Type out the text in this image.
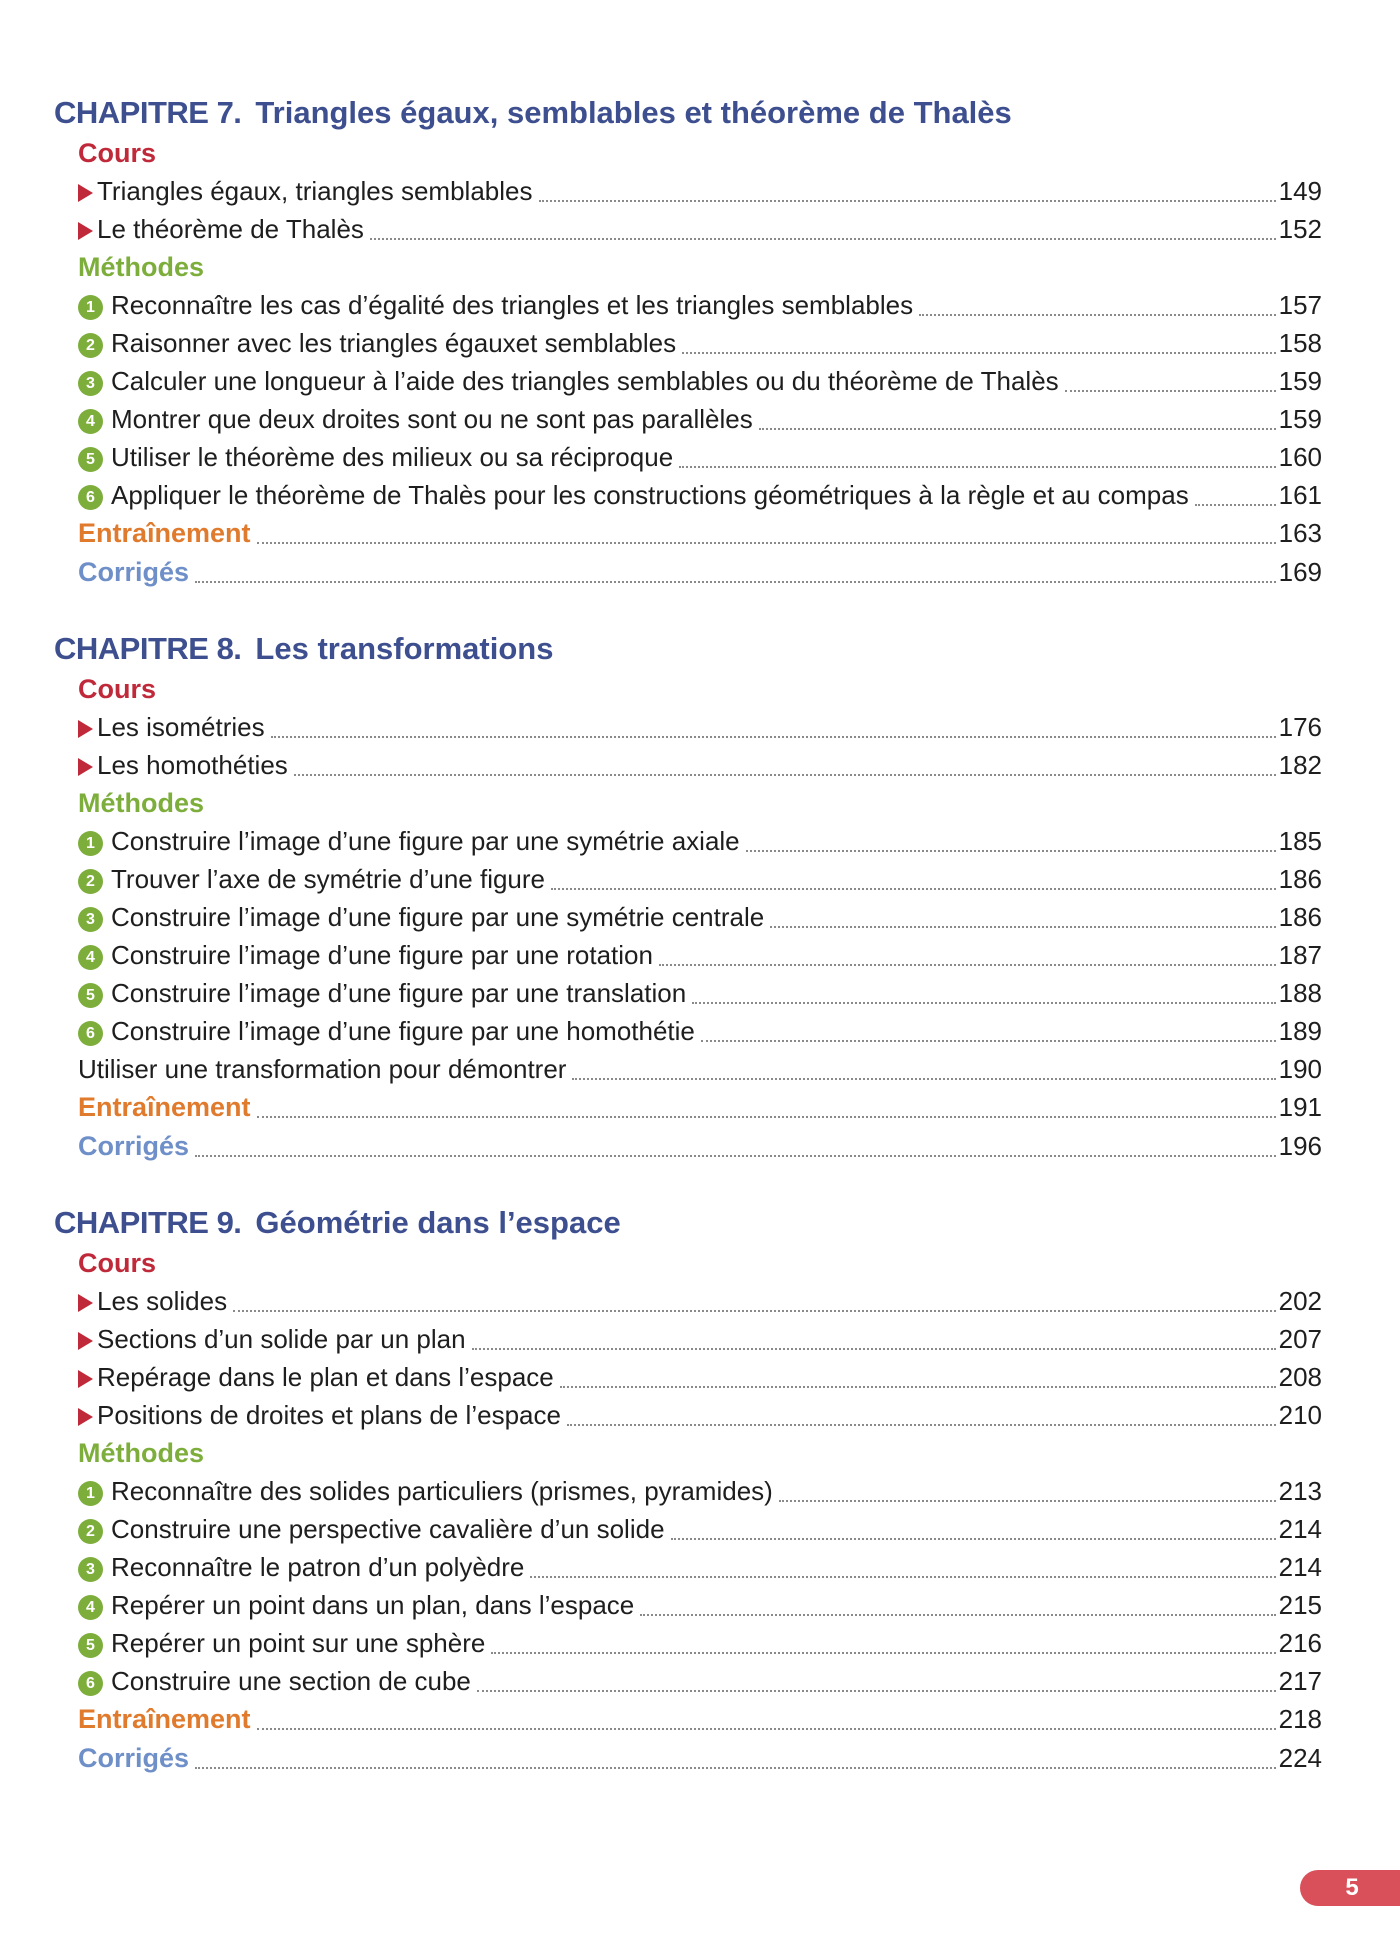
CHAPITRE 7. Triangles égaux, semblables et théorème de Thalès
Cours
Triangles égaux, triangles semblables	149
Le théorème de Thalès	152
Méthodes
1 Reconnaître les cas d’égalité des triangles et les triangles semblables	157
2 Raisonner avec les triangles égauxet semblables	158
3 Calculer une longueur à l’aide des triangles semblables ou du théorème de Thalès	159
4 Montrer que deux droites sont ou ne sont pas parallèles	159
5 Utiliser le théorème des milieux ou sa réciproque	160
6 Appliquer le théorème de Thalès pour les constructions géométriques à la règle et au compas	161
Entraînement	163
Corrigés	169
CHAPITRE 8. Les transformations
Cours
Les isométries	176
Les homothéties	182
Méthodes
1 Construire l’image d’une figure par une symétrie axiale	185
2 Trouver l’axe de symétrie d’une figure	186
3 Construire l’image d’une figure par une symétrie centrale	186
4 Construire l’image d’une figure par une rotation	187
5 Construire l’image d’une figure par une translation	188
6 Construire l’image d’une figure par une homothétie	189
Utiliser une transformation pour démontrer	190
Entraînement	191
Corrigés	196
CHAPITRE 9. Géométrie dans l’espace
Cours
Les solides	202
Sections d’un solide par un plan	207
Repérage dans le plan et dans l’espace	208
Positions de droites et plans de l’espace	210
Méthodes
1 Reconnaître des solides particuliers (prismes, pyramides)	213
2 Construire une perspective cavalière d’un solide	214
3 Reconnaître le patron d’un polyèdre	214
4 Repérer un point dans un plan, dans l’espace	215
5 Repérer un point sur une sphère	216
6 Construire une section de cube	217
Entraînement	218
Corrigés	224
5
